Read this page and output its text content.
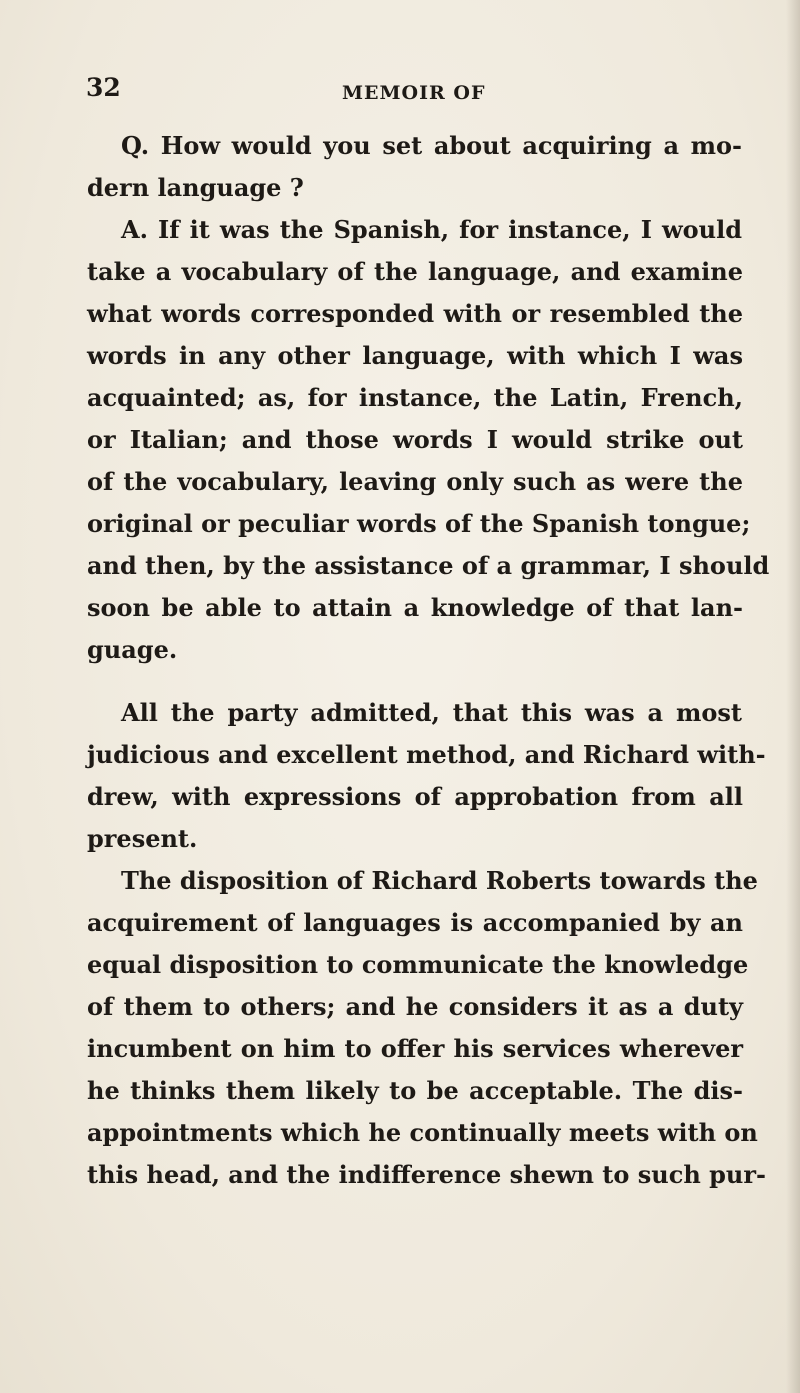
32	MEMOIR OF

Q. How would you set about acquiring a mo-

dern language ?

A. If it was the Spanish, for instance, I would

take a vocabulary of the language, and examine

what words corresponded with or resembled the

words in any other language, with which I was

acquainted; as, for instance, the Latin, French,

or Italian; and those words I would strike out

of the vocabulary, leaving only such as were the

original or peculiar words of the Spanish tongue;

and then, by the assistance of a grammar, I should

soon be able to attain a knowledge of that lan-

guage.

All the party admitted, that this was a most

judicious and excellent method, and Richard with-

drew, with expressions of approbation from all

present.

The disposition of Richard Roberts towards the

acquirement of languages is accompanied by an

equal disposition to communicate the knowledge

of them to others; and he considers it as a duty

incumbent on him to offer his services wherever

he thinks them likely to be acceptable. The dis-

appointments which he continually meets with on

this head, and the indifference shewn to such pur-
